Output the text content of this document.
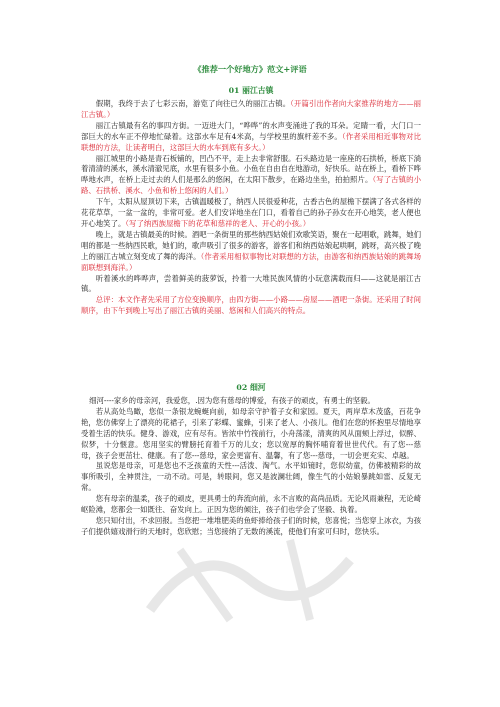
《推荐一个好地方》范文+评语
01 丽江古镇

假期，我终于去了七彩云南，游览了向往已久的丽江古镇。（开篇引出作者向大家推荐的地方——丽江古镇。）

丽江古镇最有名的事四方街。一迈进大门，“哗哗”的水声变涌进了我的耳朵。定睛一看，大门口一部巨大的水车正不停地忙碌着。这部水车足有4米高，与学校里的旗杆差不多。（作者采用相近事物对比联想的方法，让读者明白，这部巨大的水车到底有多大。）

丽江城里的小路是青石板铺的，凹凸不平，走上去非常舒服。石头路边是一座座的石拱桥，桥底下淌着清清的溪水，溪水清澈见底，水里有很多小鱼。小鱼在自由自在地游动，好快乐。站在桥上，看桥下哗哗地水声，在桥上走过去的人们是那么的悠闲，在太阳下散步，在路边坐坐，拍拍照片。（写了古镇的小路、石拱桥、溪水、小鱼和桥上悠闲的人们。）

下午，太阳从屋顶切下来，古镇温暖极了，纳西人民很爱种花，古香古色的屋檐下摆满了各式各样的花花草草，一盆一盆的，非常可爱。老人们安详地坐在门口，看着自己的孙子孙女在开心地笑，老人便也开心地笑了。（写了纳西族屋檐下的花草和慈祥的老人、开心的小孩。）

晚上，就是古镇最美的时候。酒吧一条街里的那些纳西姑娘们欢歌笑语，聚在一起唱歌，跳舞，她们唱的都是一些纳西民歌，她们的，歌声吸引了很多的游客，游客们和纳西姑娘起哄啊，跳呀，高兴极了晚上的丽江古城立刻变成了舞的海洋。（作者采用相似事物比对联想的方法，由游客和纳西族姑娘的跳舞场面联想到海洋。）

听着溪水的哗哗声，尝着鲜美的菠萝饭，拎着一大堆民族风情的小玩意满载而归——这就是丽江古镇。

总评：本文作者先采用了方位变换顺序，由四方街——小路——房屋——酒吧一条街。还采用了时间顺序，由下午到晚上写出了丽江古镇的美丽、悠闲和人们高兴的特点。

02 细河

细河----家乡的母亲河，我爱您，.因为您有慈母的博爱，有孩子的顽皮，有勇士的坚毅。

若从高处鸟瞰，您似一条银龙蜿蜒向前，如母亲守护着子女和家园。夏天，两岸草木茂盛，百花争艳，您仿佛穿上了漂亮的花裙子，引来了彩蝶、蜜蜂，引来了老人、小孩儿。他们在您的怀抱里尽情地享受着生活的快乐。健身、游戏，应有尽有。皆浓中竹筏前行，小舟荡漾，清爽的风从面颊上浮过，似醉、似梦，十分惬意。您用坚实的臂膀托育着千万的儿女；您以宽厚的胸怀哺育着世世代代。有了您---慈母，孩子会更茁壮、健康。有了您---慈母，家会更富有、温馨，有了您---慈母，一切会更充实、卓越。

虽说您是母亲，可是您也不乏孩童的天性---活泼、淘气。水平如镜时，您似幼童，仿佛被精彩的故事所吸引，全神贯注，一动不动。可是，转眼间，您又是波澜壮阔，像生气的小姑娘暴跳如雷、反复无常。

您有母亲的温柔，孩子的顽皮，更具勇士的奔流向前，永不言败的高尚品质。无论风雨兼程，无论崎岖险滩，您都会一如既往、奋发向上。正因为您的倾注，孩子们也学会了坚毅、执着。

您只知付出，不求回报。当您把一堆堆肥美的鱼虾捧给孩子们的时候，您喜悦；当您穿上冰衣，为孩子们提供嬉戏滑行的天地时，您欣慰；当您接纳了无数的溪流，使他们有家可归时，您快乐。
